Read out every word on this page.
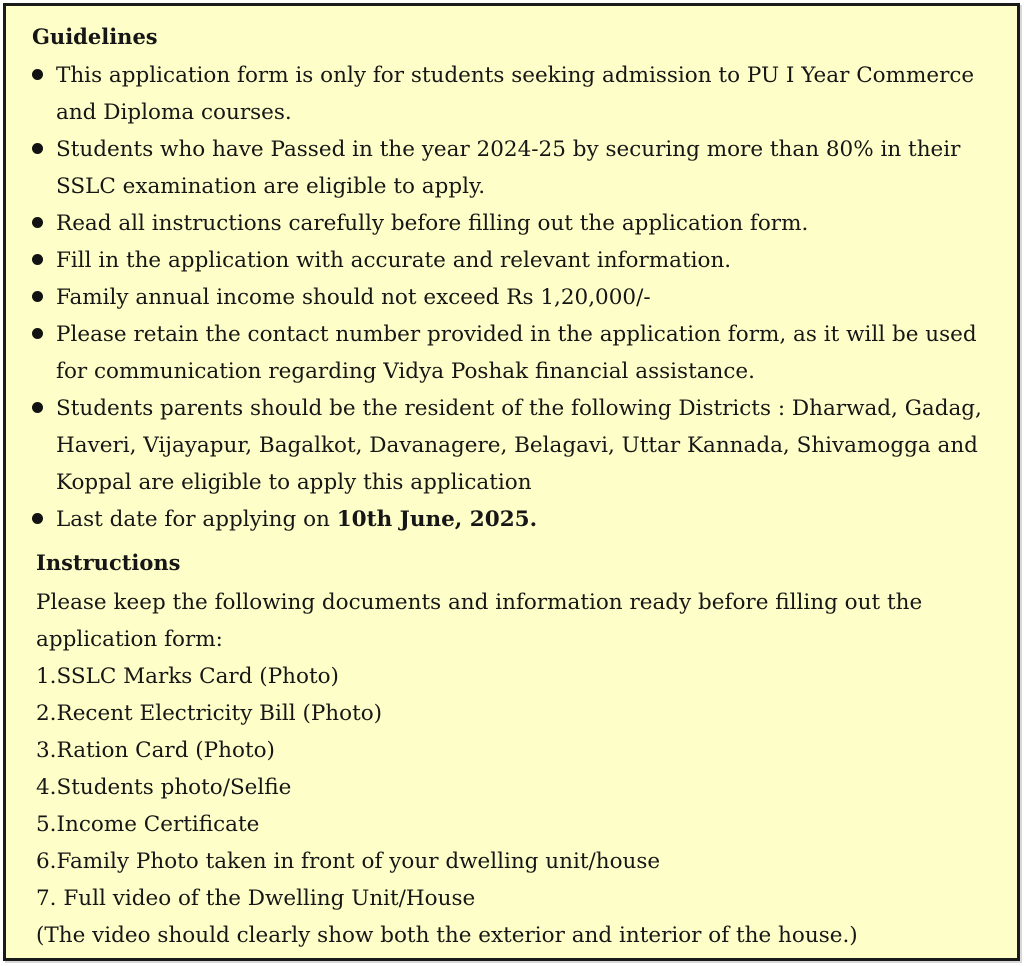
Guidelines
This application form is only for students seeking admission to PU I Year Commerce and Diploma courses.
Students who have Passed in the year 2024-25 by securing more than 80% in their SSLC examination are eligible to apply.
Read all instructions carefully before filling out the application form.
Fill in the application with accurate and relevant information.
Family annual income should not exceed Rs 1,20,000/-
Please retain the contact number provided in the application form, as it will be used for communication regarding Vidya Poshak financial assistance.
Students parents should be the resident of the following Districts : Dharwad, Gadag, Haveri, Vijayapur, Bagalkot, Davanagere, Belagavi, Uttar Kannada, Shivamogga and Koppal are eligible to apply this application
Last date for applying on 10th June, 2025.
Instructions
Please keep the following documents and information ready before filling out the application form:
1.SSLC Marks Card (Photo)
2.Recent Electricity Bill (Photo)
3.Ration Card (Photo)
4.Students photo/Selfie
5.Income Certificate
6.Family Photo taken in front of your dwelling unit/house
7. Full video of the Dwelling Unit/House
(The video should clearly show both the exterior and interior of the house.)
